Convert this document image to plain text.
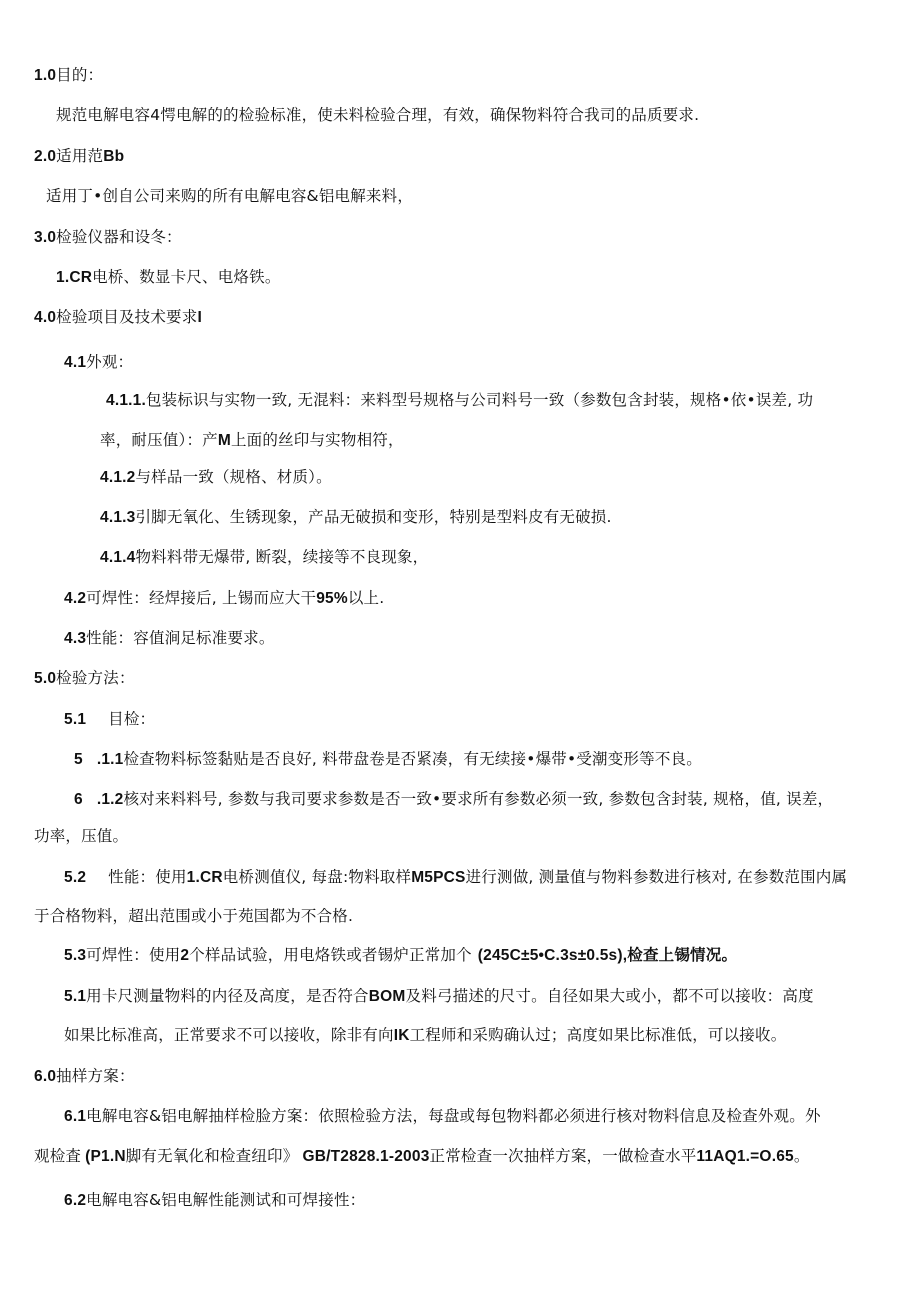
1.0目的：
规范电解电容4愕电解的的检验标准，使未料检验合理，有效，确保物料符合我司的品质要求.
2.0适用范Bb
适用丁•创自公司来购的所有电解电容&铝电解来料，
3.0检验仪器和设冬：
1.CR电桥、数显卡尺、电烙铁。
4.0检验项目及技术要求I
4.1外观：
4.1.1.包装标识与实物一致, 无混料：来料型号规格与公司料号一致（参数包含封装，规格•依•误差, 功
率，耐压值）：产M上面的丝印与实物相符，
4.1.2与样品一致（规格、材质）。
4.1.3引脚无氧化、生锈现象，产品无破损和变形，特别是型料皮有无破损.
4.1.4物料料带无爆带, 断裂，续接等不良现象，
4.2可焊性：经焊接后, 上锡而应大干95%以上.
4.3性能：容值涧足标准要求。
5.0检验方法：
5.1 目检：
5 .1.1检查物料标签黏贴是否良好, 料带盘卷是否紧凑，有无续接•爆带•受潮变形等不良。
6 .1.2核对来料料号, 参数与我司要求参数是否一致•要求所有参数必须一致, 参数包含封装, 规格，值, 误差，
功率，压值。
5.2 性能：使用1.CR电桥测值仪, 每盘:物料取样M5PCS进行测做, 测量值与物料参数进行核对, 在参数范围内属
于合格物料，超出范围或小于苑国都为不合格.
5.3可焊性：使用2个样品试验，用电烙铁或者锡炉正常加个 (245C±5•C.3s±0.5s),检查上锡情况。
5.1用卡尺测量物料的内径及高度，是否符合BOM及料弓描述的尺寸。自径如果大或小，都不可以接收：高度
如果比标准高，正常要求不可以接收，除非有向IK工程师和采购确认过；高度如果比标准低，可以接收。
6.0抽样方案：
6.1电解电容&铝电解抽样检脸方案：依照检验方法，每盘或每包物料都必须进行核对物料信息及检查外观。外
观检査 (P1.N脚有无氧化和检查纽印》 GB/T2828.1-2003正常检查一次抽样方案，一做检查水平11AQ1.=O.65。
6.2电解电容&铝电解性能测试和可焊接性：
